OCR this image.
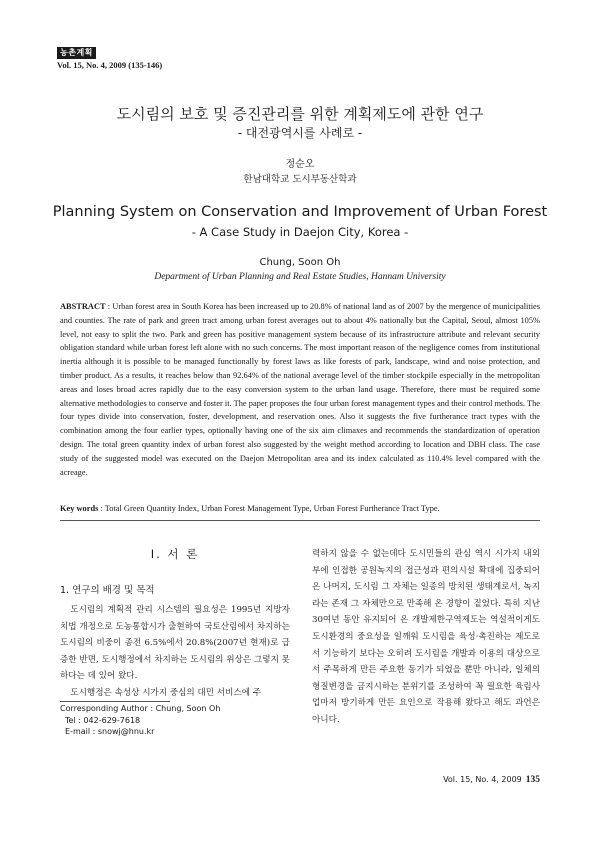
농촌계획
Vol. 15, No. 4, 2009 (135-146)
도시림의 보호 및 증진관리를 위한 계획제도에 관한 연구
- 대전광역시를 사례로 -
정순오
한남대학교 도시부동산학과
Planning System on Conservation and Improvement of Urban Forest
- A Case Study in Daejon City, Korea -
Chung, Soon Oh
Department of Urban Planning and Real Estate Studies, Hannam University
ABSTRACT : Urban forest area in South Korea has been increased up to 20.8% of national land as of 2007 by the mergence of municipalities and counties. The rate of park and green tract among urban forest averages out to about 4% nationally but the Capital, Seoul, almost 105% level, not easy to split the two. Park and green has positive management system because of its infrastructure attribute and relevant security obligation standard while urban forest left alone with no such concerns. The most important reason of the negligence comes from institutional inertia although it is possible to be managed functionally by forest laws as like forests of park, landscape, wind and noise protection, and timber product. As a results, it reaches below than 92.64% of the national average level of the timber stockpile especially in the metropolitan areas and loses broad acres rapidly due to the easy conversion system to the urban land usage. Therefore, there must be required some alternative methodologies to conserve and foster it. The paper proposes the four urban forest management types and their control methods. The four types divide into conservation, foster, development, and reservation ones. Also it suggests the five furtherance tract types with the combination among the four earlier types, optionally having one of the six aim climaxes and recommends the standardization of operation design. The total green quantity index of urban forest also suggested by the weight method according to location and DBH class. The case study of the suggested model was executed on the Daejon Metropolitan area and its index calculated as 110.4% level compared with the acreage.
Key words : Total Green Quantity Index, Urban Forest Management Type, Urban Forest Furtherance Tract Type.
Ⅰ. 서 론
1. 연구의 배경 및 목적

도시림의 계획적 관리 시스템의 필요성은 1995년 지방자치법 개정으로 도농통합시가 출현하여 국토산림에서 차지하는 도시림의 비중이 종전 6.5%에서 20.8%(2007년 현재)로 급증한 반면, 도시행정에서 차지하는 도시림의 위상은 그렇지 못하다는 데 있어 왔다.

도시행정은 속성상 시가지 중심의 대민 서비스에 주

력하지 않을 수 없는데다 도시민들의 관심 역시 시가지 내외부에 인접한 공원녹지의 접근성과 편의시설 확대에 집중되어 온 나머지, 도시림 그 자체는 일종의 방치된 생태계로서, 녹지라는 존재 그 자체만으로 만족해 온 경향이 짙었다. 특히 지난 30여년 동안 유지되어 온 개발제한구역제도는 역설적이게도 도시환경의 중요성을 일깨워 도시림을 육성·촉진하는 제도로서 기능하기 보다는 오히려 도시림을 개발과 이용의 대상으로서 주목하게 만든 주요한 동기가 되었을 뿐만 아니라, 일체의 형질변경을 금지시하는 분위기를 조성하여 꼭 필요한 육림사업마저 방기하게 만든 요인으로 작용해 왔다고 해도 과언은 아니다.

Corresponding Author : Chung, Soon Oh
Tel : 042-629-7618
E-mail : snowj@hnu.kr
Vol. 15, No. 4, 2009 135
